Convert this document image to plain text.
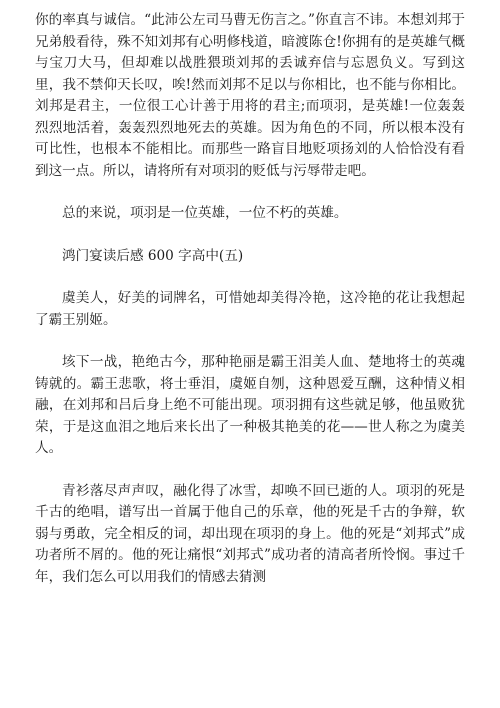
你的率真与诚信。“此沛公左司马曹无伤言之。”你直言不讳。本想刘邦于兄弟般看待，殊不知刘邦有心明修栈道，暗渡陈仓!你拥有的是英雄气概与宝刀大马，但却难以战胜猥琐刘邦的丢诚弃信与忘恩负义。写到这里，我不禁仰天长叹，唉!然而刘邦不足以与你相比，也不能与你相比。刘邦是君主，一位很工心计善于用将的君主;而项羽，是英雄!一位轰轰烈烈地活着，轰轰烈烈地死去的英雄。因为角色的不同，所以根本没有可比性，也根本不能相比。而那些一路盲目地贬项扬刘的人恰恰没有看到这一点。所以，请将所有对项羽的贬低与污辱带走吧。

总的来说，项羽是一位英雄，一位不朽的英雄。

鸿门宴读后感 600 字高中(五)

虞美人，好美的词牌名，可惜她却美得冷艳，这冷艳的花让我想起了霸王别姬。

垓下一战，艳绝古今，那种艳丽是霸王泪美人血、楚地将士的英魂铸就的。霸王悲歌，将士垂泪，虞姬自刎，这种恩爱互酬，这种情义相融，在刘邦和吕后身上绝不可能出现。项羽拥有这些就足够，他虽败犹荣，于是这血泪之地后来长出了一种极其艳美的花——世人称之为虞美人。

青衫落尽声声叹，融化得了冰雪，却唤不回已逝的人。项羽的死是千古的绝唱，谱写出一首属于他自己的乐章，他的死是千古的争辩，软弱与勇敢，完全相反的词，却出现在项羽的身上。他的死是“刘邦式”成功者所不屑的。他的死让痛恨“刘邦式”成功者的清高者所怜悯。事过千年，我们怎么可以用我们的情感去猜测
